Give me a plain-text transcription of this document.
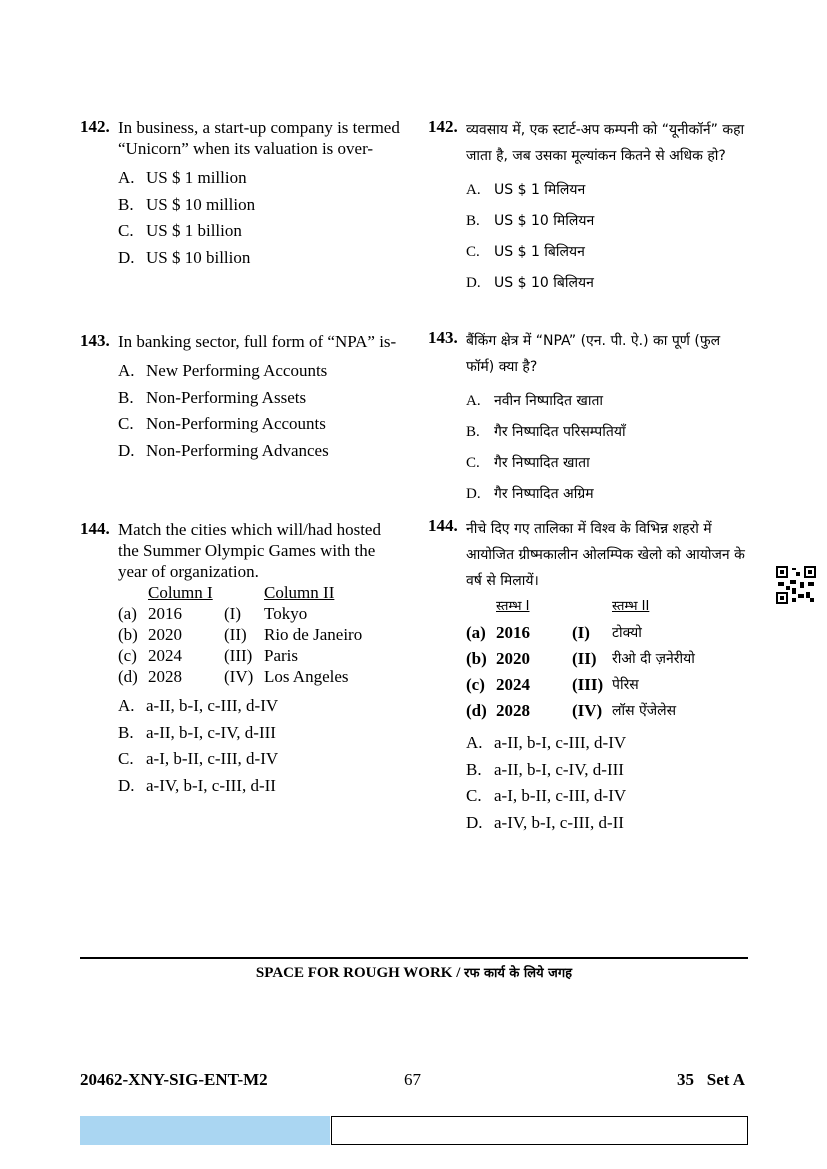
142. In business, a start-up company is termed “Unicorn” when its valuation is over-
A. US $ 1 million
B. US $ 10 million
C. US $ 1 billion
D. US $ 10 billion
143. In banking sector, full form of “NPA” is-
A. New Performing Accounts
B. Non-Performing Assets
C. Non-Performing Accounts
D. Non-Performing Advances
144. Match the cities which will/had hosted the Summer Olympic Games with the year of organization.
	Column I		Column II
(a)	2016	(I)	Tokyo
(b)	2020	(II)	Rio de Janeiro
(c)	2024	(III)	Paris
(d)	2028	(IV)	Los Angeles
A. a-II, b-I, c-III, d-IV
B. a-II, b-I, c-IV, d-III
C. a-I, b-II, c-III, d-IV
D. a-IV, b-I, c-III, d-II
142. व्यवसाय में, एक स्टार्ट-अप कम्पनी को “यूनीकॉर्न” कहा जाता है, जब उसका मूल्यांकन कितने से अधिक हो?
A. US $ 1 मिलियन
B. US $ 10 मिलियन
C. US $ 1 बिलियन
D. US $ 10 बिलियन
143. बैंकिंग क्षेत्र में “NPA” (एन. पी. ऐ.) का पूर्ण (फुल फॉर्म) क्या है?
A. नवीन निष्पादित खाता
B. गैर निष्पादित परिसम्पतियाँ
C. गैर निष्पादित खाता
D. गैर निष्पादित अग्रिम
144. नीचे दिए गए तालिका में विश्व के विभिन्न शहरो में आयोजित ग्रीष्मकालीन ओलम्पिक खेलो को आयोजन के वर्ष से मिलायें।
	स्तम्भ I		स्तम्भ II
(a)	2016	(I)	टोक्यो
(b)	2020	(II)	रीओ दी ज़नेरीयो
(c)	2024	(III)	पेरिस
(d)	2028	(IV)	लॉस ऐंजेलेस
A. a-II, b-I, c-III, d-IV
B. a-II, b-I, c-IV, d-III
C. a-I, b-II, c-III, d-IV
D. a-IV, b-I, c-III, d-II
SPACE FOR ROUGH WORK / रफ कार्य के लिये जगह
20462-XNY-SIG-ENT-M2	67	35 Set A
